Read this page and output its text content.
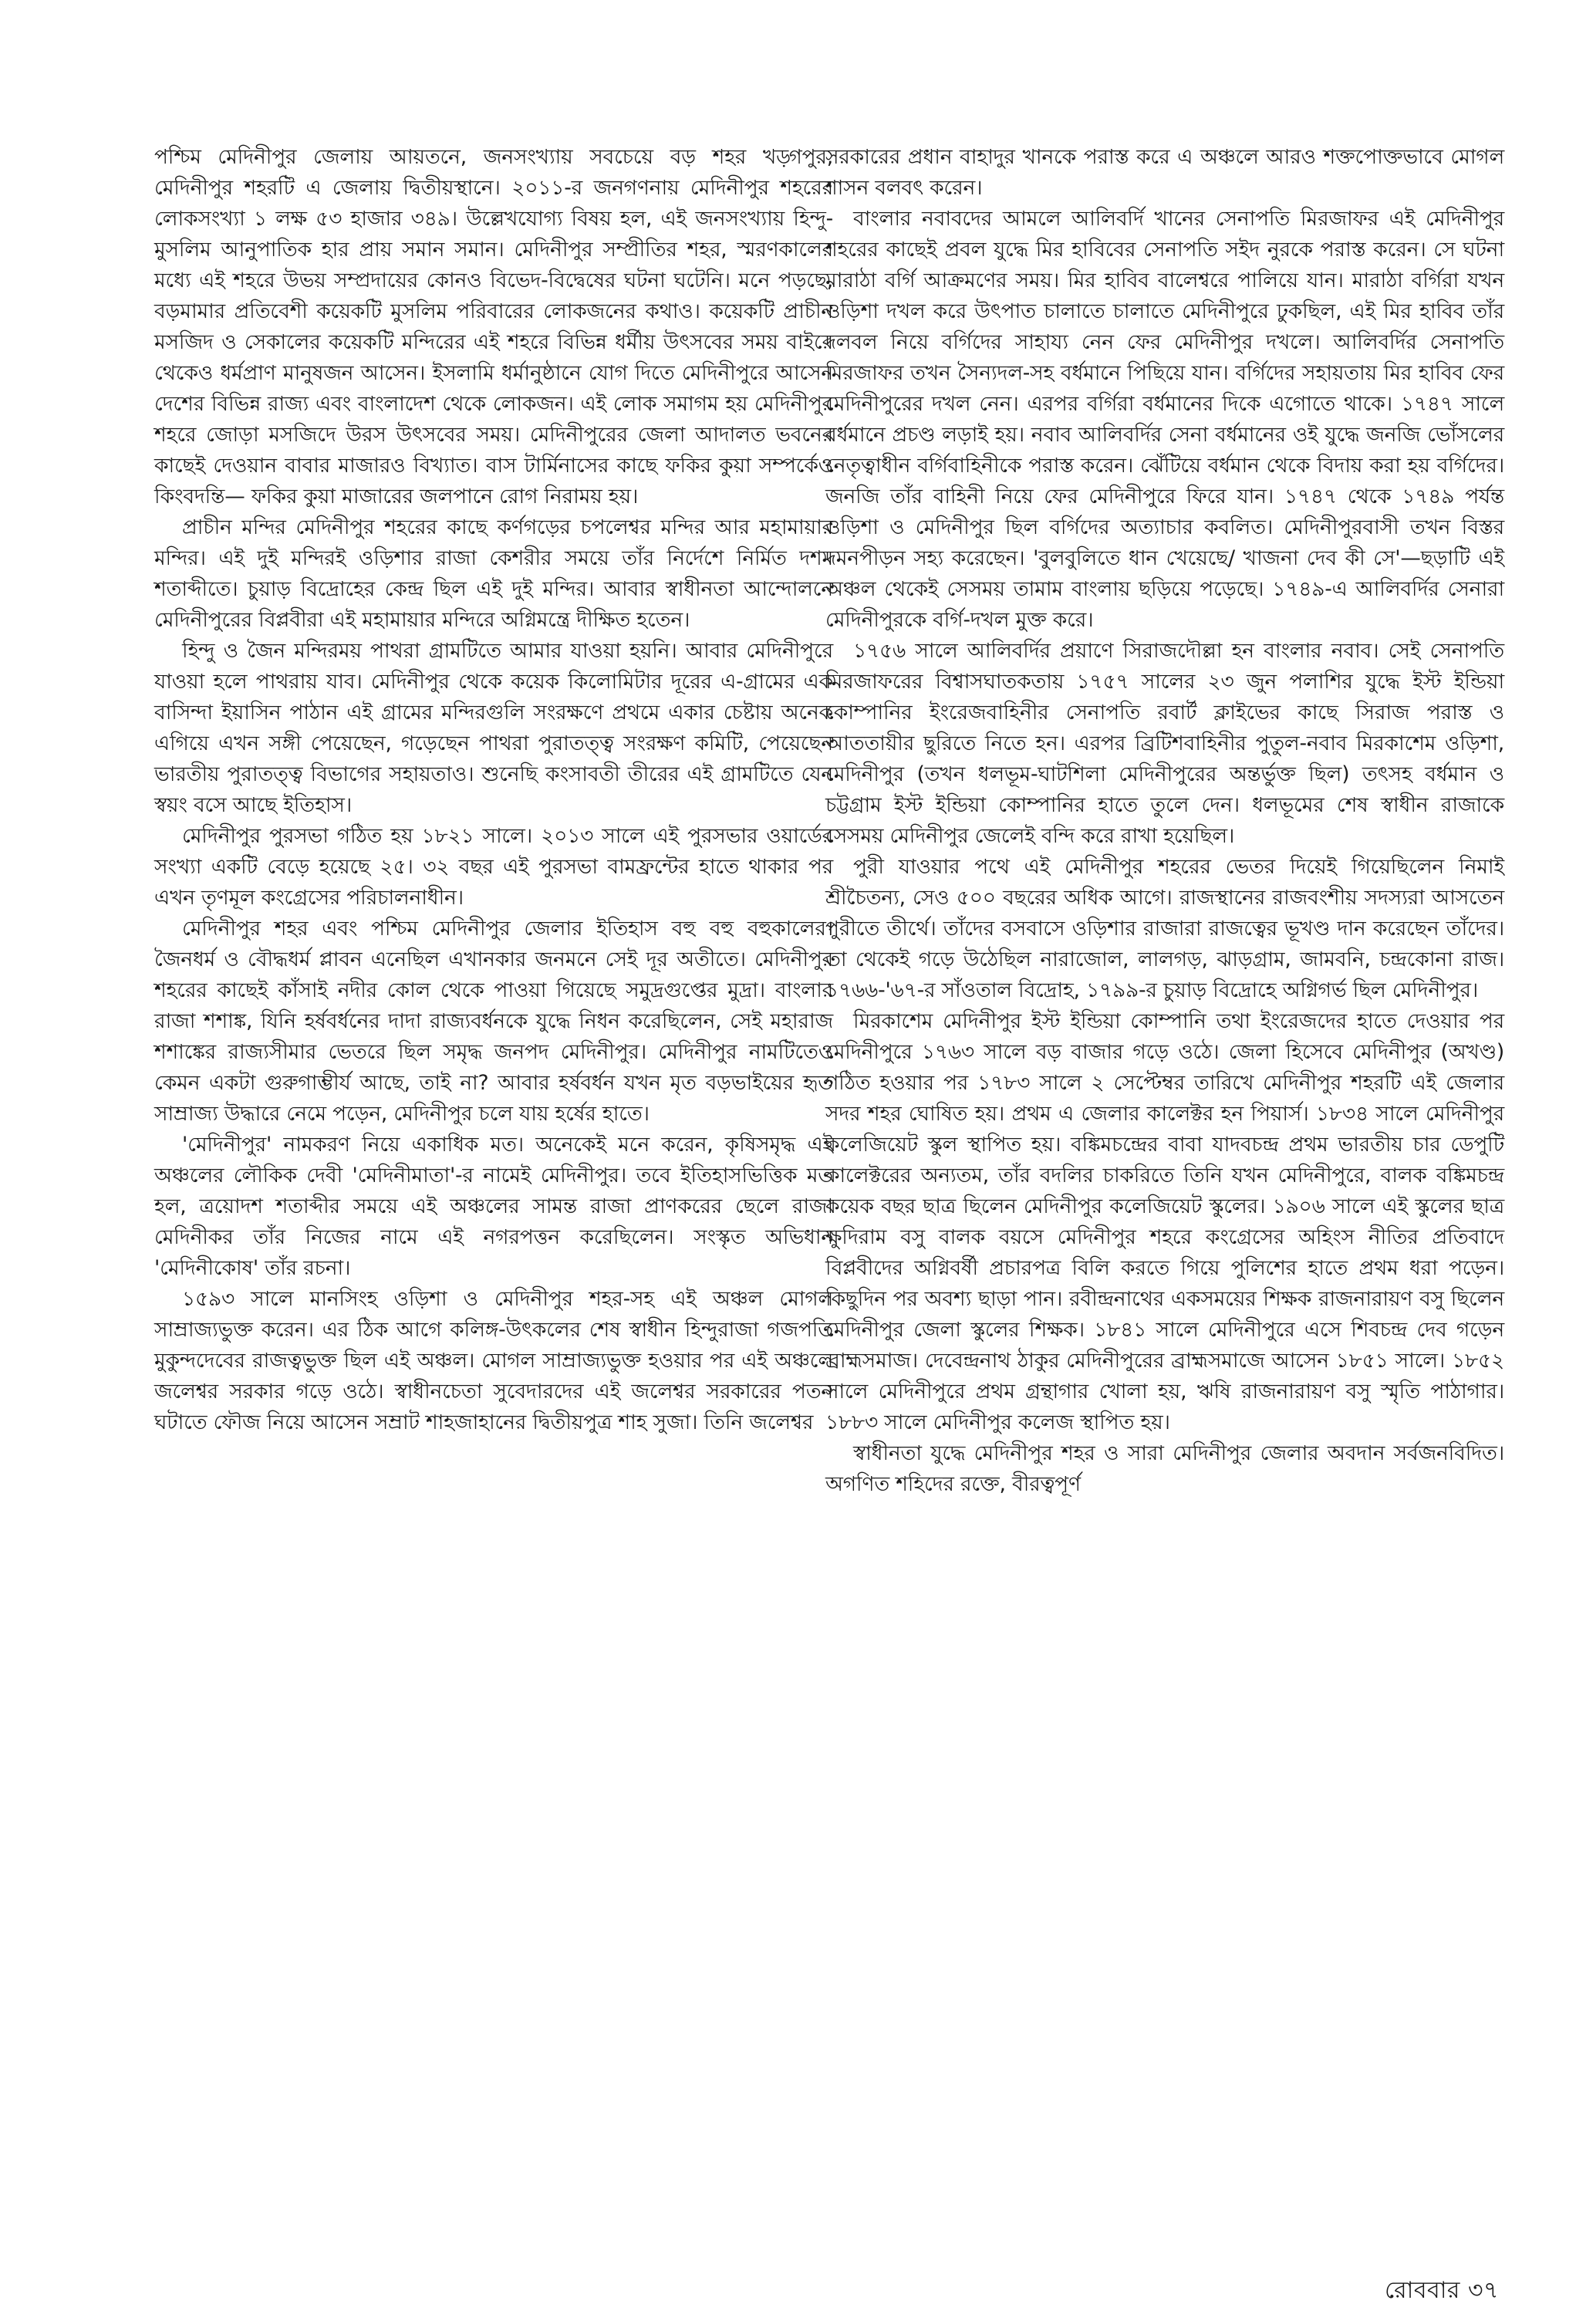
পশ্চিম মেদিনীপুর জেলায় আয়তনে, জনসংখ্যায় সবচেয়ে বড় শহর খড়্গপুর, মেদিনীপুর শহরটি এ জেলায় দ্বিতীয়স্থানে। ২০১১-র জনগণনায় মেদিনীপুর শহরের লোকসংখ্যা ১ লক্ষ ৫৩ হাজার ৩৪৯। উল্লেখযোগ্য বিষয় হল, এই জনসংখ্যায় হিন্দু-মুসলিম আনুপাতিক হার প্রায় সমান সমান। মেদিনীপুর সম্প্রীতির শহর, স্মরণকালের মধ্যে এই শহরে উভয় সম্প্রদায়ের কোনও বিভেদ-বিদ্বেষের ঘটনা ঘটেনি। মনে পড়ছে, বড়মামার প্রতিবেশী কয়েকটি মুসলিম পরিবারের লোকজনের কথাও। কয়েকটি প্রাচীন মসজিদ ও সেকালের কয়েকটি মন্দিরের এই শহরে বিভিন্ন ধর্মীয় উৎসবের সময় বাইরে থেকেও ধর্মপ্রাণ মানুষজন আসেন। ইসলামি ধর্মানুষ্ঠানে যোগ দিতে মেদিনীপুরে আসেন দেশের বিভিন্ন রাজ্য এবং বাংলাদেশ থেকে লোকজন। এই লোক সমাগম হয় মেদিনীপুর শহরে জোড়া মসজিদে উরস উৎসবের সময়। মেদিনীপুরের জেলা আদালত ভবনের কাছেই দেওয়ান বাবার মাজারও বিখ্যাত। বাস টার্মিনাসের কাছে ফকির কুয়া সম্পর্কেও কিংবদন্তি— ফকির কুয়া মাজারের জলপানে রোগ নিরাময় হয়।

প্রাচীন মন্দির মেদিনীপুর শহরের কাছে কর্ণগড়ের চপলেশ্বর মন্দির আর মহামায়ার মন্দির। এই দুই মন্দিরই ওড়িশার রাজা কেশরীর সময়ে তাঁর নির্দেশে নির্মিত দশম শতাব্দীতে। চুয়াড় বিদ্রোহের কেন্দ্র ছিল এই দুই মন্দির। আবার স্বাধীনতা আন্দোলনে মেদিনীপুরের বিপ্লবীরা এই মহামায়ার মন্দিরে অগ্নিমন্ত্রে দীক্ষিত হতেন।

হিন্দু ও জৈন মন্দিরময় পাথরা গ্রামটিতে আমার যাওয়া হয়নি। আবার মেদিনীপুরে যাওয়া হলে পাথরায় যাব। মেদিনীপুর থেকে কয়েক কিলোমিটার দূরের এ-গ্রামের এক বাসিন্দা ইয়াসিন পাঠান এই গ্রামের মন্দিরগুলি সংরক্ষণে প্রথমে একার চেষ্টায় অনেক এগিয়ে এখন সঙ্গী পেয়েছেন, গড়েছেন পাথরা পুরাতত্ত্ব সংরক্ষণ কমিটি, পেয়েছেন ভারতীয় পুরাতত্ত্ব বিভাগের সহায়তাও। শুনেছি কংসাবতী তীরের এই গ্রামটিতে যেন স্বয়ং বসে আছে ইতিহাস।

মেদিনীপুর পুরসভা গঠিত হয় ১৮২১ সালে। ২০১৩ সালে এই পুরসভার ওয়ার্ডের সংখ্যা একটি বেড়ে হয়েছে ২৫। ৩২ বছর এই পুরসভা বামফ্রন্টের হাতে থাকার পর এখন তৃণমূল কংগ্রেসের পরিচালনাধীন।

মেদিনীপুর শহর এবং পশ্চিম মেদিনীপুর জেলার ইতিহাস বহু বহু বহুকালের। জৈনধর্ম ও বৌদ্ধধর্ম প্লাবন এনেছিল এখানকার জনমনে সেই দূর অতীতে। মেদিনীপুর শহরের কাছেই কাঁসাই নদীর কোল থেকে পাওয়া গিয়েছে সমুদ্রগুপ্তের মুদ্রা। বাংলার রাজা শশাঙ্ক, যিনি হর্ষবর্ধনের দাদা রাজ্যবর্ধনকে যুদ্ধে নিধন করেছিলেন, সেই মহারাজ শশাঙ্কের রাজ্যসীমার ভেতরে ছিল সমৃদ্ধ জনপদ মেদিনীপুর। মেদিনীপুর নামটিতেও কেমন একটা গুরুগাম্ভীর্য আছে, তাই না? আবার হর্ষবর্ধন যখন মৃত বড়ভাইয়ের হৃত সাম্রাজ্য উদ্ধারে নেমে পড়েন, মেদিনীপুর চলে যায় হর্ষের হাতে।

'মেদিনীপুর' নামকরণ নিয়ে একাধিক মত। অনেকেই মনে করেন, কৃষিসমৃদ্ধ এই অঞ্চলের লৌকিক দেবী 'মেদিনীমাতা'-র নামেই মেদিনীপুর। তবে ইতিহাসভিত্তিক মত হল, ত্রয়োদশ শতাব্দীর সময়ে এই অঞ্চলের সামন্ত রাজা প্রাণকরের ছেলে রাজা মেদিনীকর তাঁর নিজের নামে এই নগরপত্তন করেছিলেন। সংস্কৃত অভিধান 'মেদিনীকোষ' তাঁর রচনা।

১৫৯৩ সালে মানসিংহ ওড়িশা ও মেদিনীপুর শহর-সহ এই অঞ্চল মোগল সাম্রাজ্যভুক্ত করেন। এর ঠিক আগে কলিঙ্গ-উৎকলের শেষ স্বাধীন হিন্দুরাজা গজপতি মুকুন্দদেবের রাজত্বভুক্ত ছিল এই অঞ্চল। মোগল সাম্রাজ্যভুক্ত হওয়ার পর এই অঞ্চলে জলেশ্বর সরকার গড়ে ওঠে। স্বাধীনচেতা সুবেদারদের এই জলেশ্বর সরকারের পতন ঘটাতে ফৌজ নিয়ে আসেন সম্রাট শাহজাহানের দ্বিতীয়পুত্র শাহ সুজা। তিনি জলেশ্বর

সরকারের প্রধান বাহাদুর খানকে পরাস্ত করে এ অঞ্চলে আরও শক্তপোক্তভাবে মোগল শাসন বলবৎ করেন।

বাংলার নবাবদের আমলে আলিবর্দি খানের সেনাপতি মিরজাফর এই মেদিনীপুর শহরের কাছেই প্রবল যুদ্ধে মির হাবিবের সেনাপতি সইদ নুরকে পরাস্ত করেন। সে ঘটনা মারাঠা বর্গি আক্রমণের সময়। মির হাবিব বালেশ্বরে পালিয়ে যান। মারাঠা বর্গিরা যখন ওড়িশা দখল করে উৎপাত চালাতে চালাতে মেদিনীপুরে ঢুকছিল, এই মির হাবিব তাঁর দলবল নিয়ে বর্গিদের সাহায্য নেন ফের মেদিনীপুর দখলে। আলিবর্দির সেনাপতি মিরজাফর তখন সৈন্যদল-সহ বর্ধমানে পিছিয়ে যান। বর্গিদের সহায়তায় মির হাবিব ফের মেদিনীপুরের দখল নেন। এরপর বর্গিরা বর্ধমানের দিকে এগোতে থাকে। ১৭৪৭ সালে বর্ধমানে প্রচণ্ড লড়াই হয়। নবাব আলিবর্দির সেনা বর্ধমানের ওই যুদ্ধে জনজি ভোঁসলের নেতৃত্বাধীন বর্গিবাহিনীকে পরাস্ত করেন। ঝেঁটিয়ে বর্ধমান থেকে বিদায় করা হয় বর্গিদের। জনজি তাঁর বাহিনী নিয়ে ফের মেদিনীপুরে ফিরে যান। ১৭৪৭ থেকে ১৭৪৯ পর্যন্ত ওড়িশা ও মেদিনীপুর ছিল বর্গিদের অত্যাচার কবলিত। মেদিনীপুরবাসী তখন বিস্তর দমনপীড়ন সহ্য করেছেন। 'বুলবুলিতে ধান খেয়েছে/ খাজনা দেব কী সে'—ছড়াটি এই অঞ্চল থেকেই সেসময় তামাম বাংলায় ছড়িয়ে পড়েছে। ১৭৪৯-এ আলিবর্দির সেনারা মেদিনীপুরকে বর্গি-দখল মুক্ত করে।

১৭৫৬ সালে আলিবর্দির প্রয়াণে সিরাজদৌল্লা হন বাংলার নবাব। সেই সেনাপতি মিরজাফরের বিশ্বাসঘাতকতায় ১৭৫৭ সালের ২৩ জুন পলাশির যুদ্ধে ইস্ট ইন্ডিয়া কোম্পানির ইংরেজবাহিনীর সেনাপতি রবার্ট ক্লাইভের কাছে সিরাজ পরাস্ত ও আততায়ীর ছুরিতে নিতে হন। এরপর ব্রিটিশবাহিনীর পুতুল-নবাব মিরকাশেম ওড়িশা, মেদিনীপুর (তখন ধলভূম-ঘাটশিলা মেদিনীপুরের অন্তর্ভুক্ত ছিল) তৎসহ বর্ধমান ও চট্টগ্রাম ইস্ট ইন্ডিয়া কোম্পানির হাতে তুলে দেন। ধলভূমের শেষ স্বাধীন রাজাকে সেসময় মেদিনীপুর জেলেই বন্দি করে রাখা হয়েছিল।

পুরী যাওয়ার পথে এই মেদিনীপুর শহরের ভেতর দিয়েই গিয়েছিলেন নিমাই শ্রীচৈতন্য, সেও ৫০০ বছরের অধিক আগে। রাজস্থানের রাজবংশীয় সদস্যরা আসতেন পুরীতে তীর্থে। তাঁদের বসবাসে ওড়িশার রাজারা রাজত্বের ভূখণ্ড দান করেছেন তাঁদের। তা থেকেই গড়ে উঠেছিল নারাজোল, লালগড়, ঝাড়গ্রাম, জামবনি, চন্দ্রকোনা রাজ। ১৭৬৬-'৬৭-র সাঁওতাল বিদ্রোহ, ১৭৯৯-র চুয়াড় বিদ্রোহে অগ্নিগর্ভ ছিল মেদিনীপুর।

মিরকাশেম মেদিনীপুর ইস্ট ইন্ডিয়া কোম্পানি তথা ইংরেজদের হাতে দেওয়ার পর মেদিনীপুরে ১৭৬৩ সালে বড় বাজার গড়ে ওঠে। জেলা হিসেবে মেদিনীপুর (অখণ্ড) গঠিত হওয়ার পর ১৭৮৩ সালে ২ সেপ্টেম্বর তারিখে মেদিনীপুর শহরটি এই জেলার সদর শহর ঘোষিত হয়। প্রথম এ জেলার কালেক্টর হন পিয়ার্স। ১৮৩৪ সালে মেদিনীপুর কলেজিয়েট স্কুল স্থাপিত হয়। বঙ্কিমচন্দ্রের বাবা যাদবচন্দ্র প্রথম ভারতীয় চার ডেপুটি কালেক্টরের অন্যতম, তাঁর বদলির চাকরিতে তিনি যখন মেদিনীপুরে, বালক বঙ্কিমচন্দ্র কয়েক বছর ছাত্র ছিলেন মেদিনীপুর কলেজিয়েট স্কুলের। ১৯০৬ সালে এই স্কুলের ছাত্র ক্ষুদিরাম বসু বালক বয়সে মেদিনীপুর শহরে কংগ্রেসের অহিংস নীতির প্রতিবাদে বিপ্লবীদের অগ্নিবর্ষী প্রচারপত্র বিলি করতে গিয়ে পুলিশের হাতে প্রথম ধরা পড়েন। কিছুদিন পর অবশ্য ছাড়া পান। রবীন্দ্রনাথের একসময়ের শিক্ষক রাজনারায়ণ বসু ছিলেন মেদিনীপুর জেলা স্কুলের শিক্ষক। ১৮৪১ সালে মেদিনীপুরে এসে শিবচন্দ্র দেব গড়েন ব্রাহ্মসমাজ। দেবেন্দ্রনাথ ঠাকুর মেদিনীপুরের ব্রাহ্মসমাজে আসেন ১৮৫১ সালে। ১৮৫২ সালে মেদিনীপুরে প্রথম গ্রন্থাগার খোলা হয়, ঋষি রাজনারায়ণ বসু স্মৃতি পাঠাগার। ১৮৮৩ সালে মেদিনীপুর কলেজ স্থাপিত হয়।

স্বাধীনতা যুদ্ধে মেদিনীপুর শহর ও সারা মেদিনীপুর জেলার অবদান সর্বজনবিদিত। অগণিত শহিদের রক্তে, বীরত্বপূর্ণ

রোববার ৩৭
